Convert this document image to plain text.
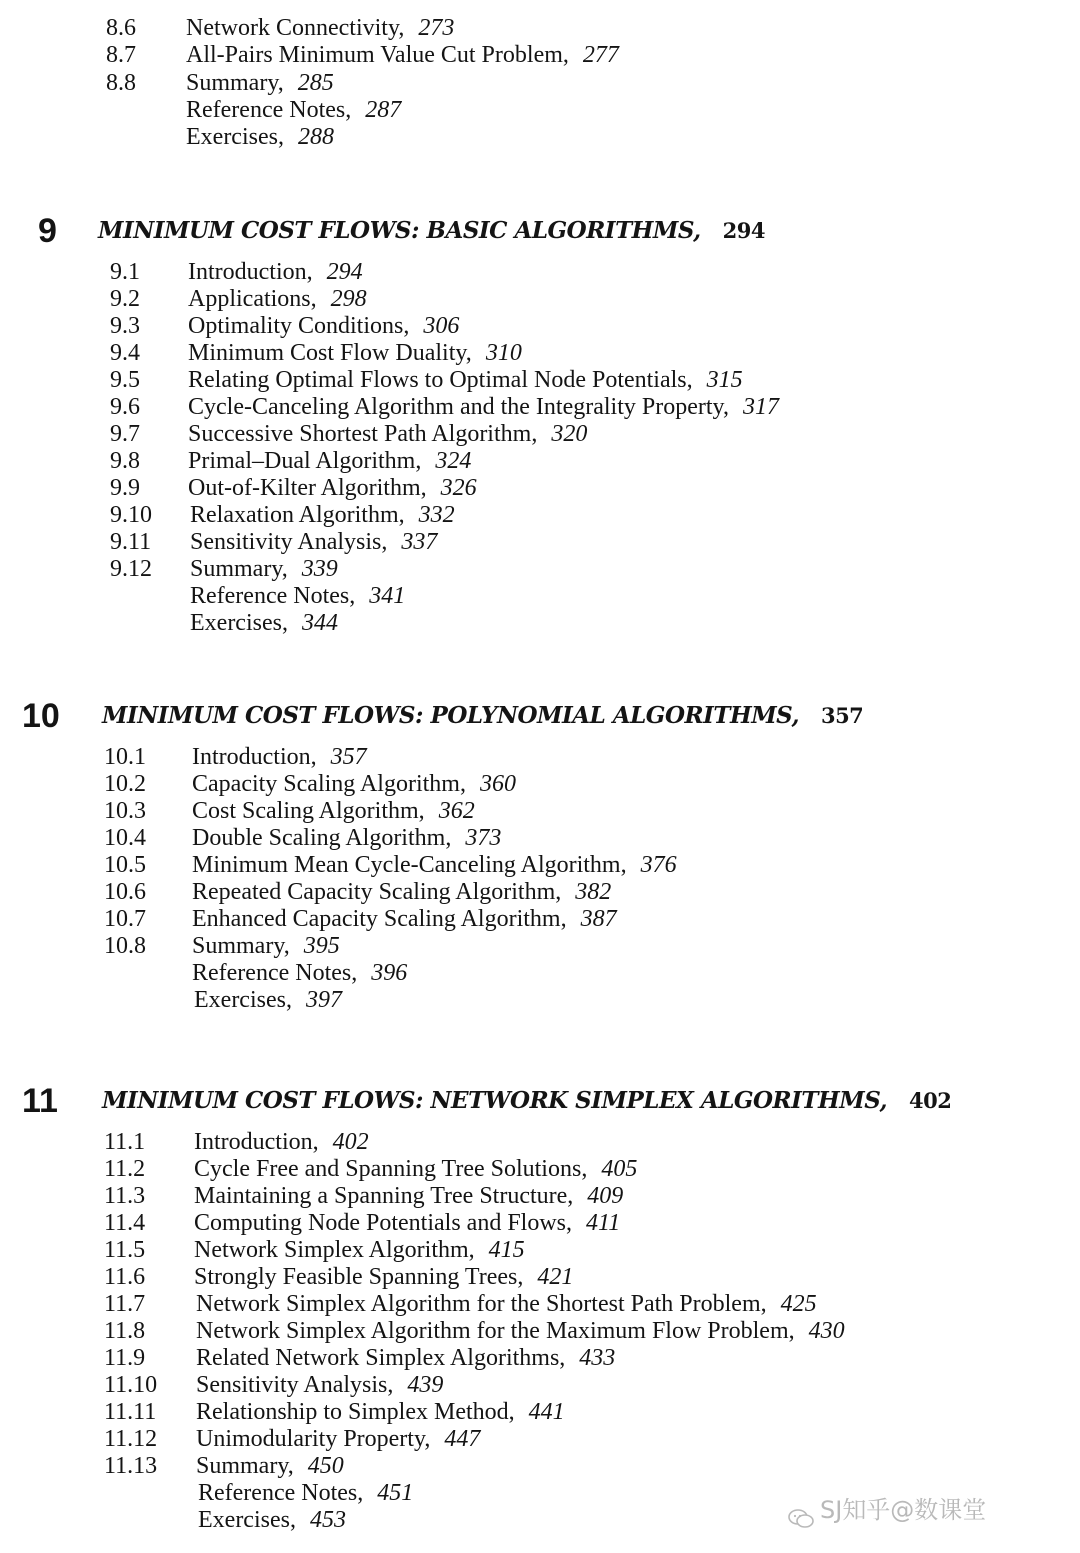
8.6 Network Connectivity, 273
8.7 All-Pairs Minimum Value Cut Problem, 277
8.8 Summary, 285
Reference Notes, 287
Exercises, 288
9 MINIMUM COST FLOWS: BASIC ALGORITHMS, 294
9.1 Introduction, 294
9.2 Applications, 298
9.3 Optimality Conditions, 306
9.4 Minimum Cost Flow Duality, 310
9.5 Relating Optimal Flows to Optimal Node Potentials, 315
9.6 Cycle-Canceling Algorithm and the Integrality Property, 317
9.7 Successive Shortest Path Algorithm, 320
9.8 Primal–Dual Algorithm, 324
9.9 Out-of-Kilter Algorithm, 326
9.10 Relaxation Algorithm, 332
9.11 Sensitivity Analysis, 337
9.12 Summary, 339
Reference Notes, 341
Exercises, 344
10 MINIMUM COST FLOWS: POLYNOMIAL ALGORITHMS, 357
10.1 Introduction, 357
10.2 Capacity Scaling Algorithm, 360
10.3 Cost Scaling Algorithm, 362
10.4 Double Scaling Algorithm, 373
10.5 Minimum Mean Cycle-Canceling Algorithm, 376
10.6 Repeated Capacity Scaling Algorithm, 382
10.7 Enhanced Capacity Scaling Algorithm, 387
10.8 Summary, 395
Reference Notes, 396
Exercises, 397
11 MINIMUM COST FLOWS: NETWORK SIMPLEX ALGORITHMS, 402
11.1 Introduction, 402
11.2 Cycle Free and Spanning Tree Solutions, 405
11.3 Maintaining a Spanning Tree Structure, 409
11.4 Computing Node Potentials and Flows, 411
11.5 Network Simplex Algorithm, 415
11.6 Strongly Feasible Spanning Trees, 421
11.7 Network Simplex Algorithm for the Shortest Path Problem, 425
11.8 Network Simplex Algorithm for the Maximum Flow Problem, 430
11.9 Related Network Simplex Algorithms, 433
11.10 Sensitivity Analysis, 439
11.11 Relationship to Simplex Method, 441
11.12 Unimodularity Property, 447
11.13 Summary, 450
Reference Notes, 451
Exercises, 453	SJ知乎@数课堂
